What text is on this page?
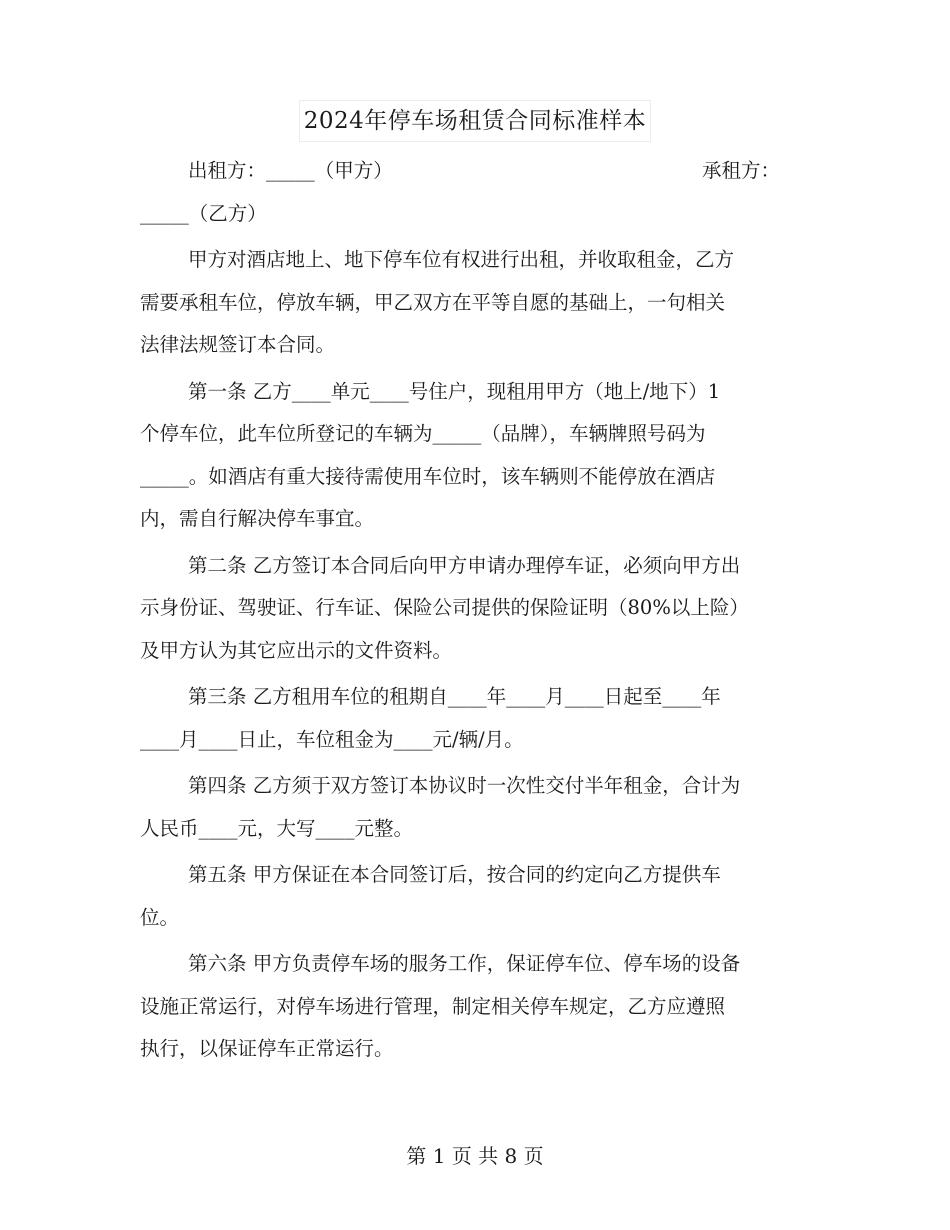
2024年停车场租赁合同标准样本
出租方：_____（甲方）	承租方：
_____（乙方）
甲方对酒店地上、地下停车位有权进行出租，并收取租金，乙方
需要承租车位，停放车辆，甲乙双方在平等自愿的基础上，一句相关
法律法规签订本合同。
第一条 乙方____单元____号住户，现租用甲方（地上/地下）1
个停车位，此车位所登记的车辆为_____（品牌），车辆牌照号码为
_____。如酒店有重大接待需使用车位时，该车辆则不能停放在酒店
内，需自行解决停车事宜。
第二条 乙方签订本合同后向甲方申请办理停车证，必须向甲方出
示身份证、驾驶证、行车证、保险公司提供的保险证明（80%以上险）
及甲方认为其它应出示的文件资料。
第三条 乙方租用车位的租期自____年____月____日起至____年
____月____日止，车位租金为____元/辆/月。
第四条 乙方须于双方签订本协议时一次性交付半年租金，合计为
人民币____元，大写____元整。
第五条 甲方保证在本合同签订后，按合同的约定向乙方提供车
位。
第六条 甲方负责停车场的服务工作，保证停车位、停车场的设备
设施正常运行，对停车场进行管理，制定相关停车规定，乙方应遵照
执行，以保证停车正常运行。
第 1 页 共 8 页
